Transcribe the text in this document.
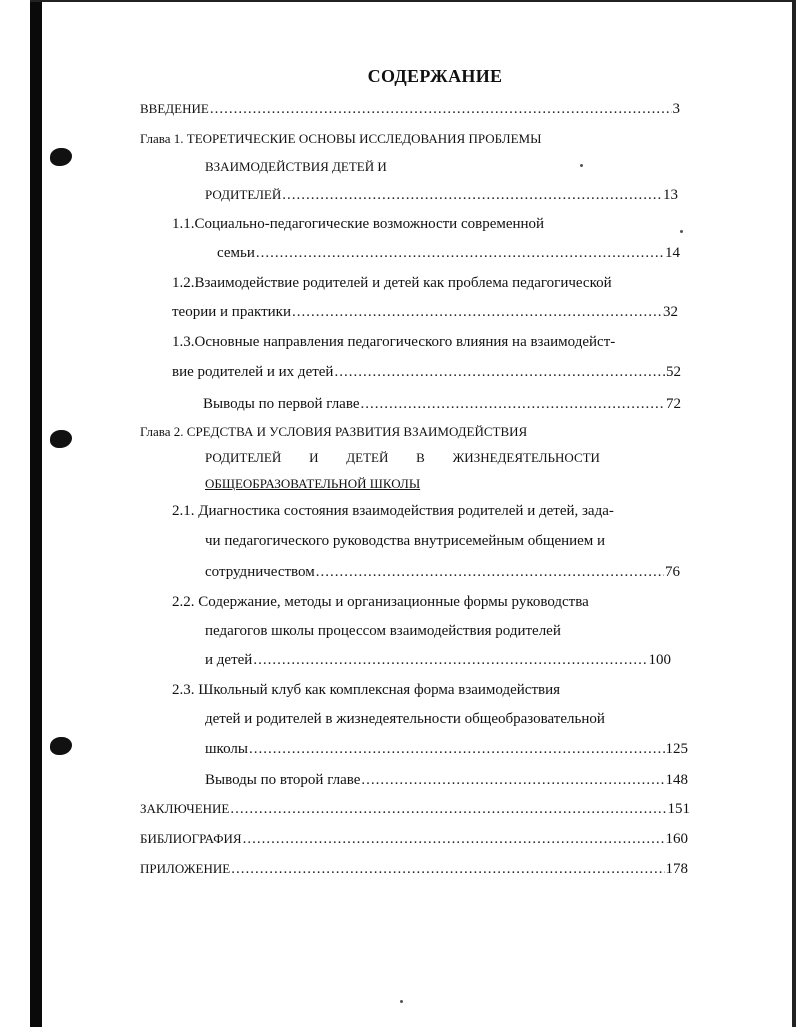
СОДЕРЖАНИЕ
ВВЕДЕНИЕ .....	3
Глава 1. ТЕОРЕТИЧЕСКИЕ ОСНОВЫ ИССЛЕДОВАНИЯ ПРОБЛЕМЫ
ВЗАИМОДЕЙСТВИЯ ДЕТЕЙ И
РОДИТЕЛЕЙ .....	13
1.1.Социально-педагогические возможности современной
семьи .....	14
1.2.Взаимодействие родителей и детей как проблема педагогической
теории и практики .....	32
1.3.Основные направления педагогического влияния на взаимодейст-
вие родителей и их детей .....	52
Выводы по первой главе .....	72
Глава 2. СРЕДСТВА И УСЛОВИЯ РАЗВИТИЯ ВЗАИМОДЕЙСТВИЯ
РОДИТЕЛЕЙ И ДЕТЕЙ В ЖИЗНЕДЕЯТЕЛЬНОСТИ
ОБЩЕОБРАЗОВАТЕЛЬНОЙ ШКОЛЫ
2.1. Диагностика состояния взаимодействия родителей и детей, зада-
чи педагогического руководства внутрисемейным общением и
сотрудничеством .....	76
2.2. Содержание, методы и организационные формы руководства
педагогов школы процессом взаимодействия родителей
и детей .....	100
2.3. Школьный клуб как комплексная форма взаимодействия
детей и родителей в жизнедеятельности общеобразовательной
школы .....	125
Выводы по второй главе .....	148
ЗАКЛЮЧЕНИЕ .....	151
БИБЛИОГРАФИЯ .....	160
ПРИЛОЖЕНИЕ .....	178
